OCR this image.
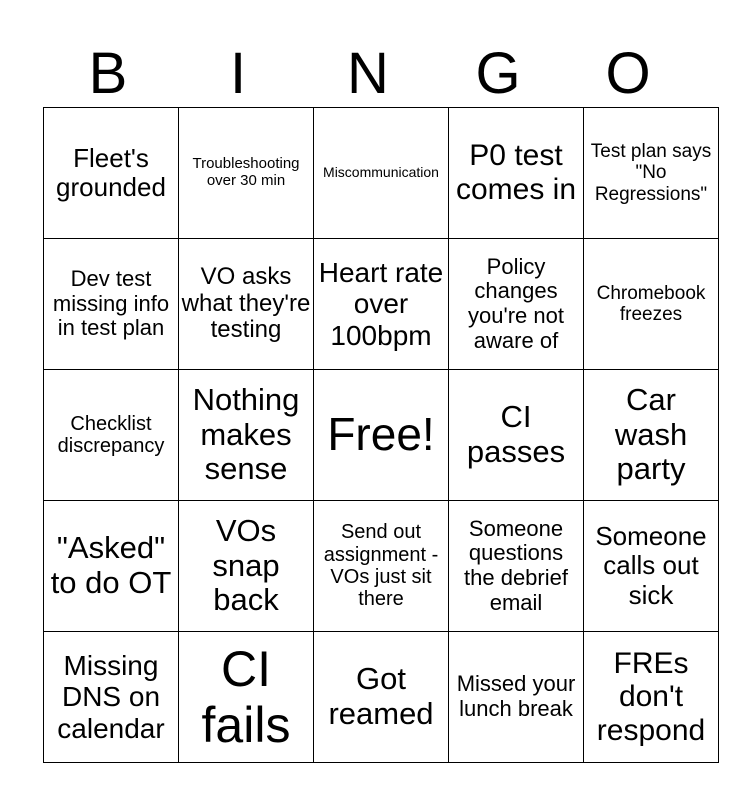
B	I	N	G	O
Fleet's grounded	Troubleshooting over 30 min	Miscommunication	P0 test comes in	Test plan says "No Regressions"
Dev test missing info in test plan	VO asks what they're testing	Heart rate over 100bpm	Policy changes you're not aware of	Chromebook freezes
Checklist discrepancy	Nothing makes sense	Free!	CI passes	Car wash party
"Asked" to do OT	VOs snap back	Send out assignment - VOs just sit there	Someone questions the debrief email	Someone calls out sick
Missing DNS on calendar	CI fails	Got reamed	Missed your lunch break	FREs don't respond
